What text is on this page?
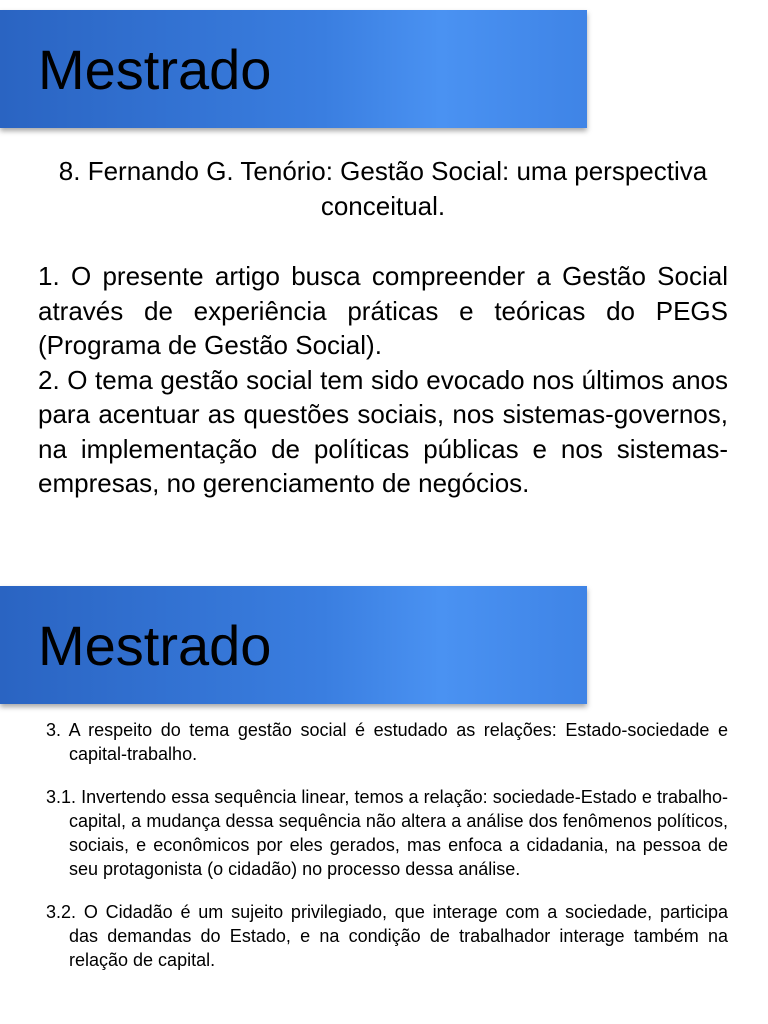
Mestrado
8. Fernando G. Tenório: Gestão Social: uma perspectiva conceitual.

1. O presente artigo busca compreender a Gestão Social através de experiência práticas e teóricas do PEGS (Programa de Gestão Social).

2. O tema gestão social tem sido evocado nos últimos anos para acentuar as questões sociais, nos sistemas-governos, na implementação de políticas públicas e nos sistemas-empresas, no gerenciamento de negócios.

Mestrado

3. A respeito do tema gestão social é estudado as relações: Estado-sociedade e capital-trabalho.

3.1. Invertendo essa sequência linear, temos a relação: sociedade-Estado e trabalho-capital, a mudança dessa sequência não altera a análise dos fenômenos políticos, sociais, e econômicos por eles gerados, mas enfoca a cidadania, na pessoa de seu protagonista (o cidadão) no processo dessa análise.

3.2. O Cidadão é um sujeito privilegiado, que interage com a sociedade, participa das demandas do Estado, e na condição de trabalhador interage também na relação de capital.
